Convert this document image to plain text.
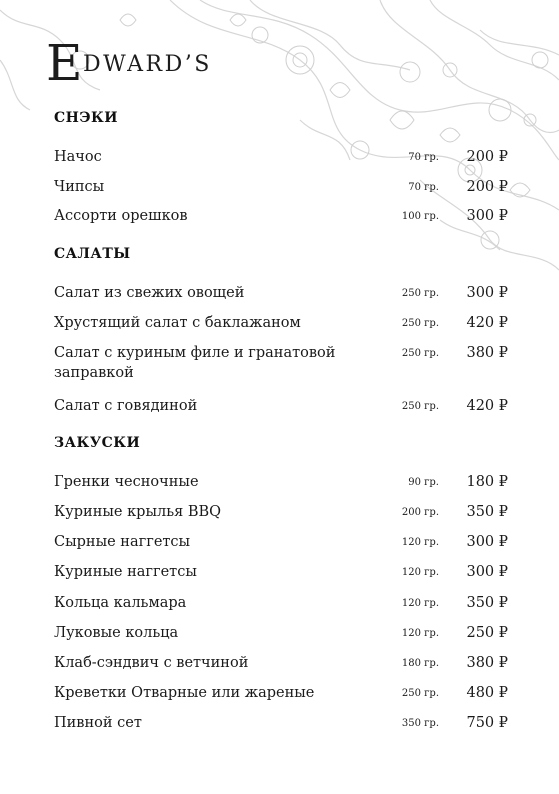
E DWARD’S
СНЭКИ
Начос	70 гр. 200 ₽
Чипсы	70 гр. 200 ₽
Ассорти орешков	100 гр. 300 ₽
САЛАТЫ
Салат из свежих овощей	250 гр. 300 ₽
Хрустящий салат с баклажаном	250 гр. 420 ₽
Салат с куриным филе и гранатовой заправкой
250 гр. 380 ₽
Салат с говядиной	250 гр. 420 ₽
ЗАКУСКИ
Гренки чесночные	90 гр. 180 ₽
Куриные крылья BBQ	200 гр. 350 ₽
Сырные наггетсы	120 гр. 300 ₽
Куриные наггетсы	120 гр. 300 ₽
Кольца кальмара	120 гр. 350 ₽
Луковые кольца	120 гр. 250 ₽
Клаб-сэндвич с ветчиной	180 гр. 380 ₽
Креветки Отварные или жареные	250 гр. 480 ₽
Пивной сет	350 гр. 750 ₽
